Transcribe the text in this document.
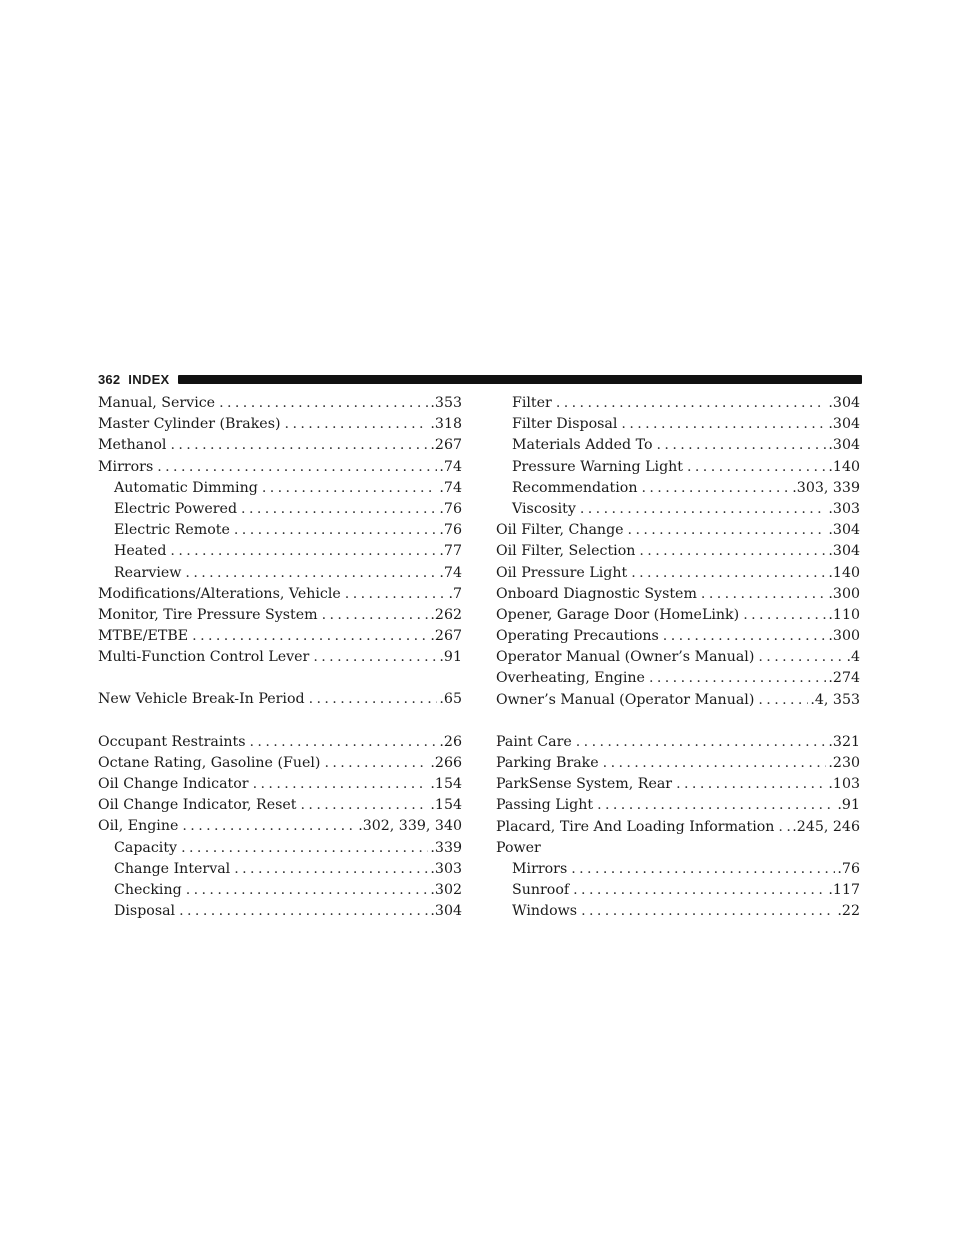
362 INDEX
Manual, Service .....	.353
Master Cylinder (Brakes) .....	.318
Methanol .....	.267
Mirrors .....	.74
Automatic Dimming .....	.74
Electric Powered .....	.76
Electric Remote .....	.76
Heated .....	.77
Rearview .....	.74
Modifications/Alterations, Vehicle .....	.7
Monitor, Tire Pressure System .....	.262
MTBE/ETBE .....	.267
Multi-Function Control Lever .....	.91
New Vehicle Break-In Period .....	.65
Occupant Restraints .....	.26
Octane Rating, Gasoline (Fuel) .....	.266
Oil Change Indicator .....	.154
Oil Change Indicator, Reset .....	.154
Oil, Engine .....	.302, 339, 340
Capacity .....	.339
Change Interval .....	.303
Checking .....	.302
Disposal .....	.304
Filter .....	.304
Filter Disposal .....	.304
Materials Added To .....	.304
Pressure Warning Light .....	.140
Recommendation .....	.303, 339
Viscosity .....	.303
Oil Filter, Change .....	.304
Oil Filter, Selection .....	.304
Oil Pressure Light .....	.140
Onboard Diagnostic System .....	.300
Opener, Garage Door (HomeLink) .....	.110
Operating Precautions .....	.300
Operator Manual (Owner’s Manual) .....	.4
Overheating, Engine .....	.274
Owner’s Manual (Operator Manual) .....	.4, 353
Paint Care .....	.321
Parking Brake .....	.230
ParkSense System, Rear .....	.103
Passing Light .....	.91
Placard, Tire And Loading Information ..... .245, 246
Power
Mirrors .....	.76
Sunroof .....	.117
Windows .....	.22
